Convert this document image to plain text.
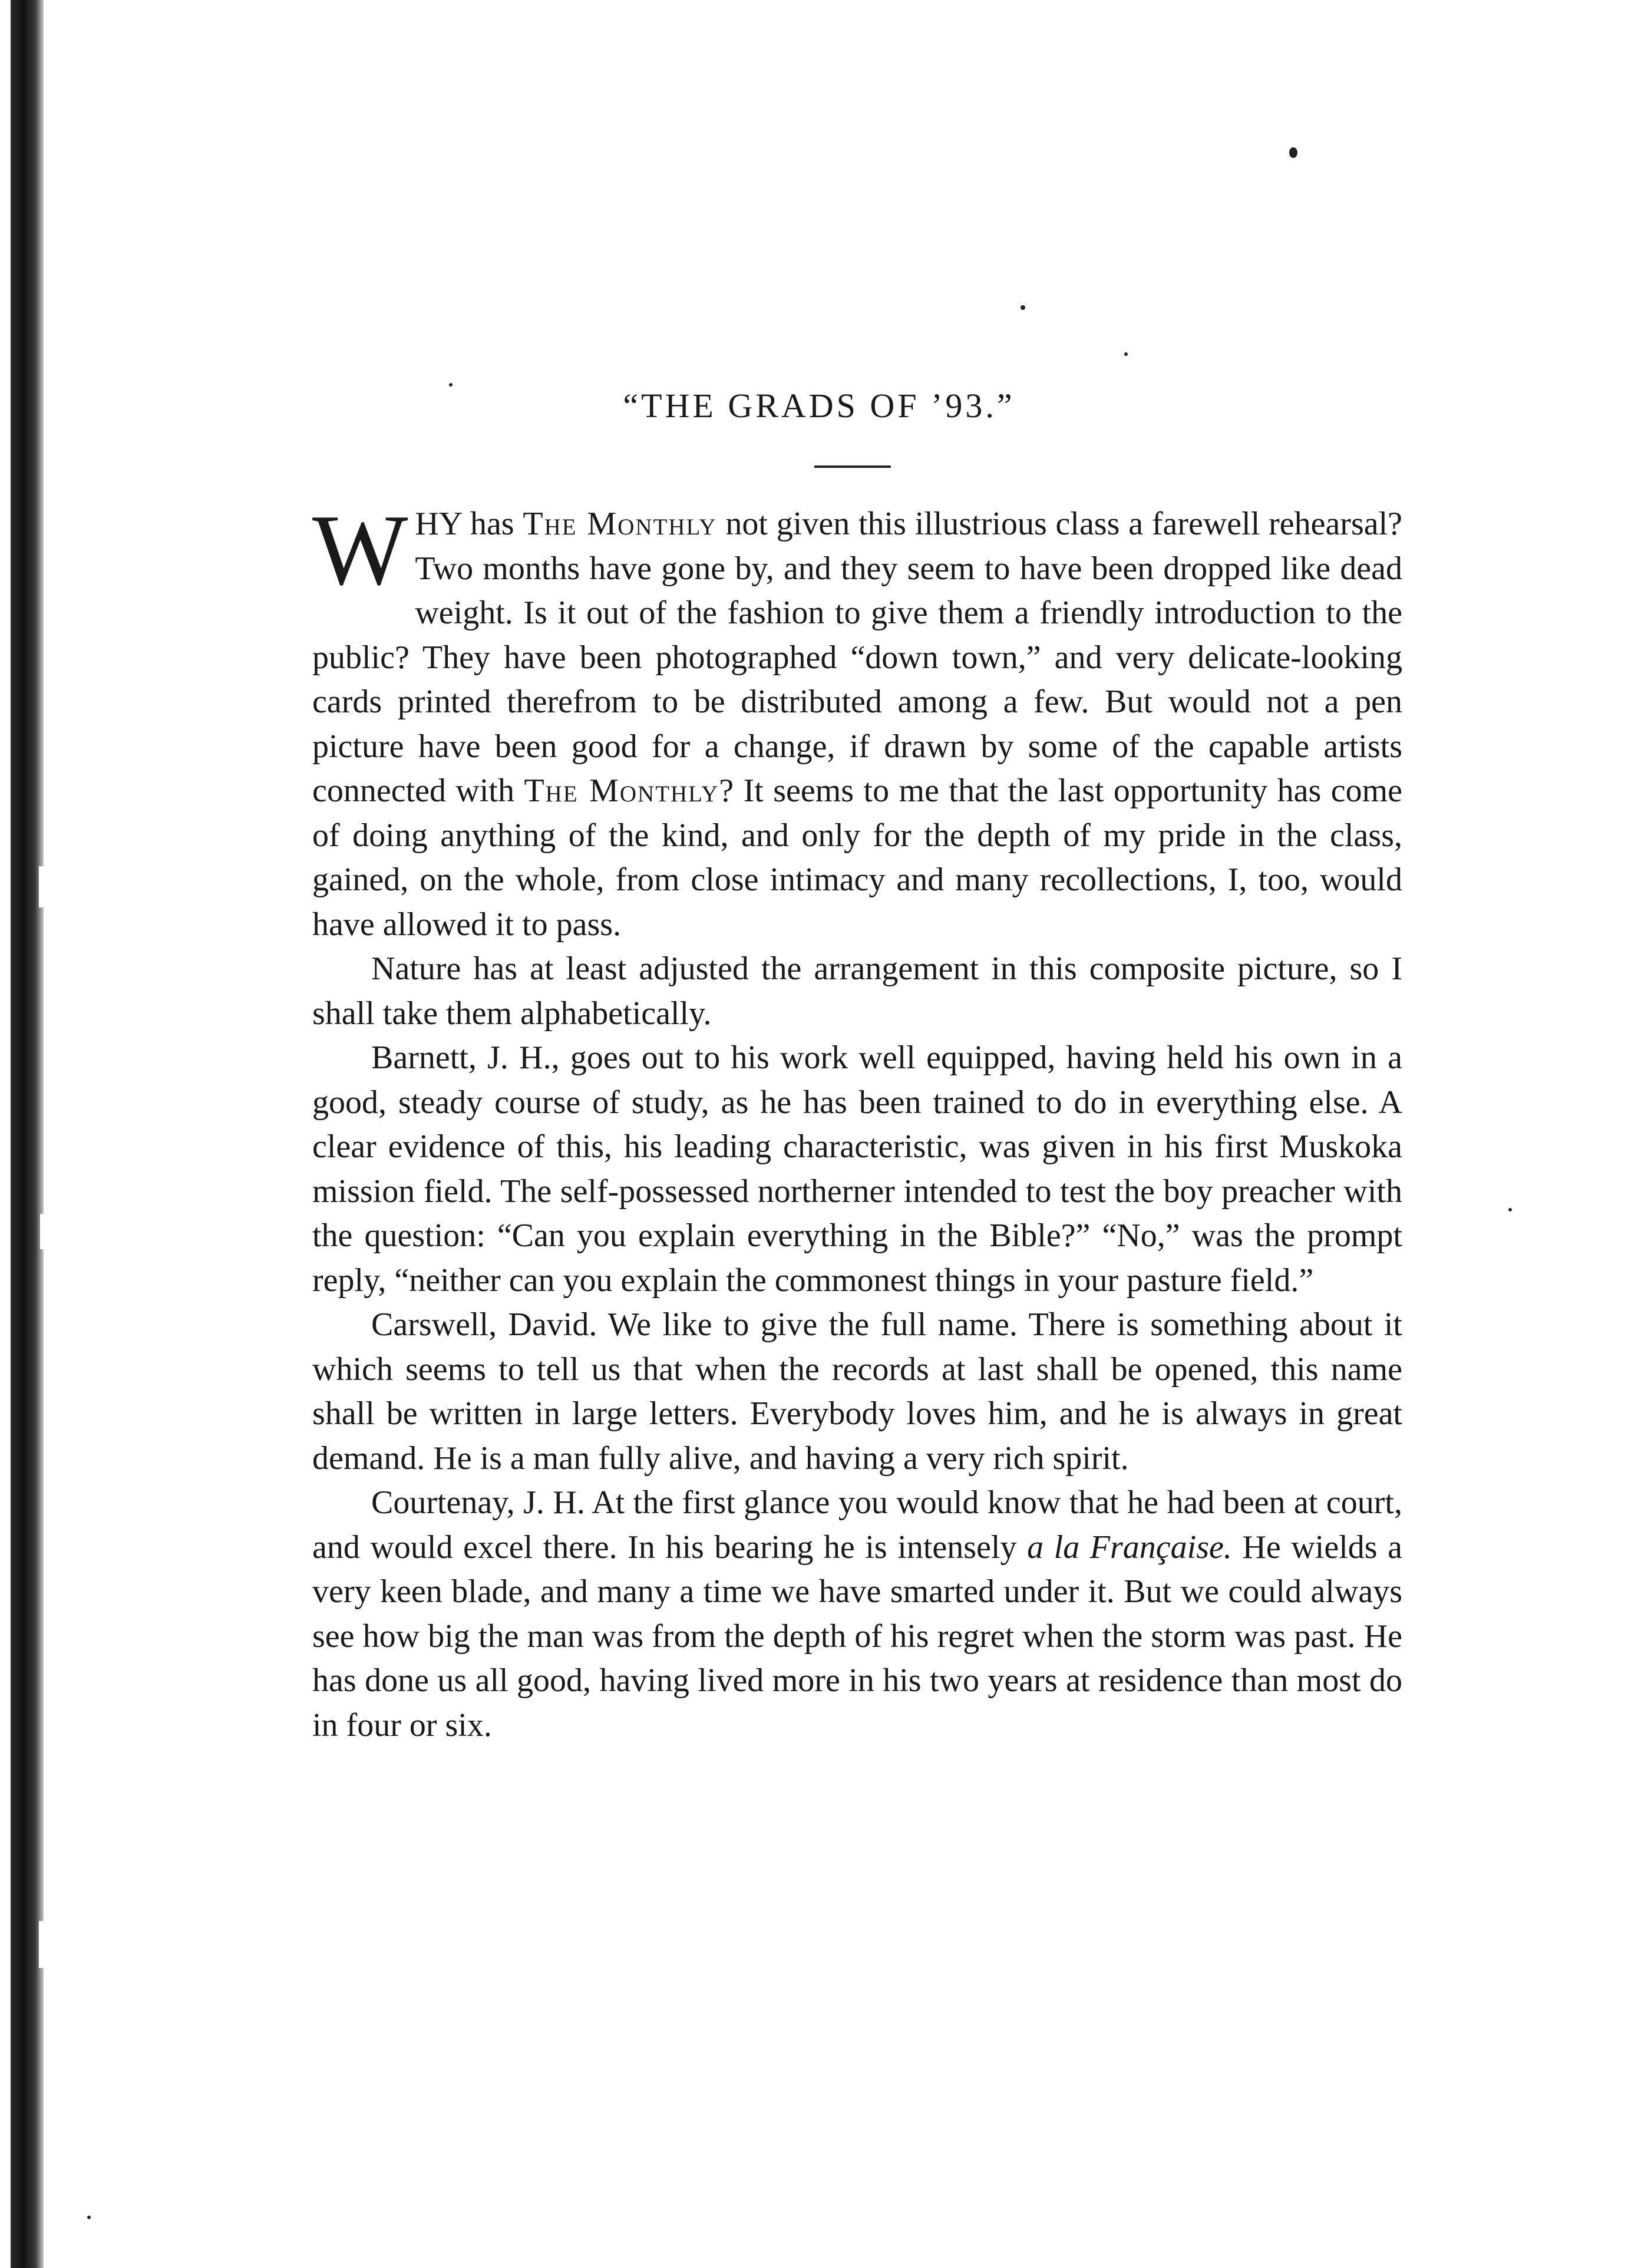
“THE GRADS OF ’93.”

WHY has The Monthly not given this illustrious class a farewell rehearsal? Two months have gone by, and they seem to have been dropped like dead weight. Is it out of the fashion to give them a friendly introduction to the public? They have been photographed “down town,” and very delicate-looking cards printed therefrom to be distributed among a few. But would not a pen picture have been good for a change, if drawn by some of the capable artists connected with The Monthly? It seems to me that the last opportunity has come of doing anything of the kind, and only for the depth of my pride in the class, gained, on the whole, from close intimacy and many recollections, I, too, would have allowed it to pass.

Nature has at least adjusted the arrangement in this composite picture, so I shall take them alphabetically.

Barnett, J. H., goes out to his work well equipped, having held his own in a good, steady course of study, as he has been trained to do in everything else. A clear evidence of this, his leading characteristic, was given in his first Muskoka mission field. The self-possessed northerner intended to test the boy preacher with the question: “Can you explain everything in the Bible?” “No,” was the prompt reply, “neither can you explain the commonest things in your pasture field.”

Carswell, David. We like to give the full name. There is something about it which seems to tell us that when the records at last shall be opened, this name shall be written in large letters. Everybody loves him, and he is always in great demand. He is a man fully alive, and having a very rich spirit.

Courtenay, J. H. At the first glance you would know that he had been at court, and would excel there. In his bearing he is intensely a la Française. He wields a very keen blade, and many a time we have smarted under it. But we could always see how big the man was from the depth of his regret when the storm was past. He has done us all good, having lived more in his two years at residence than most do in four or six.
